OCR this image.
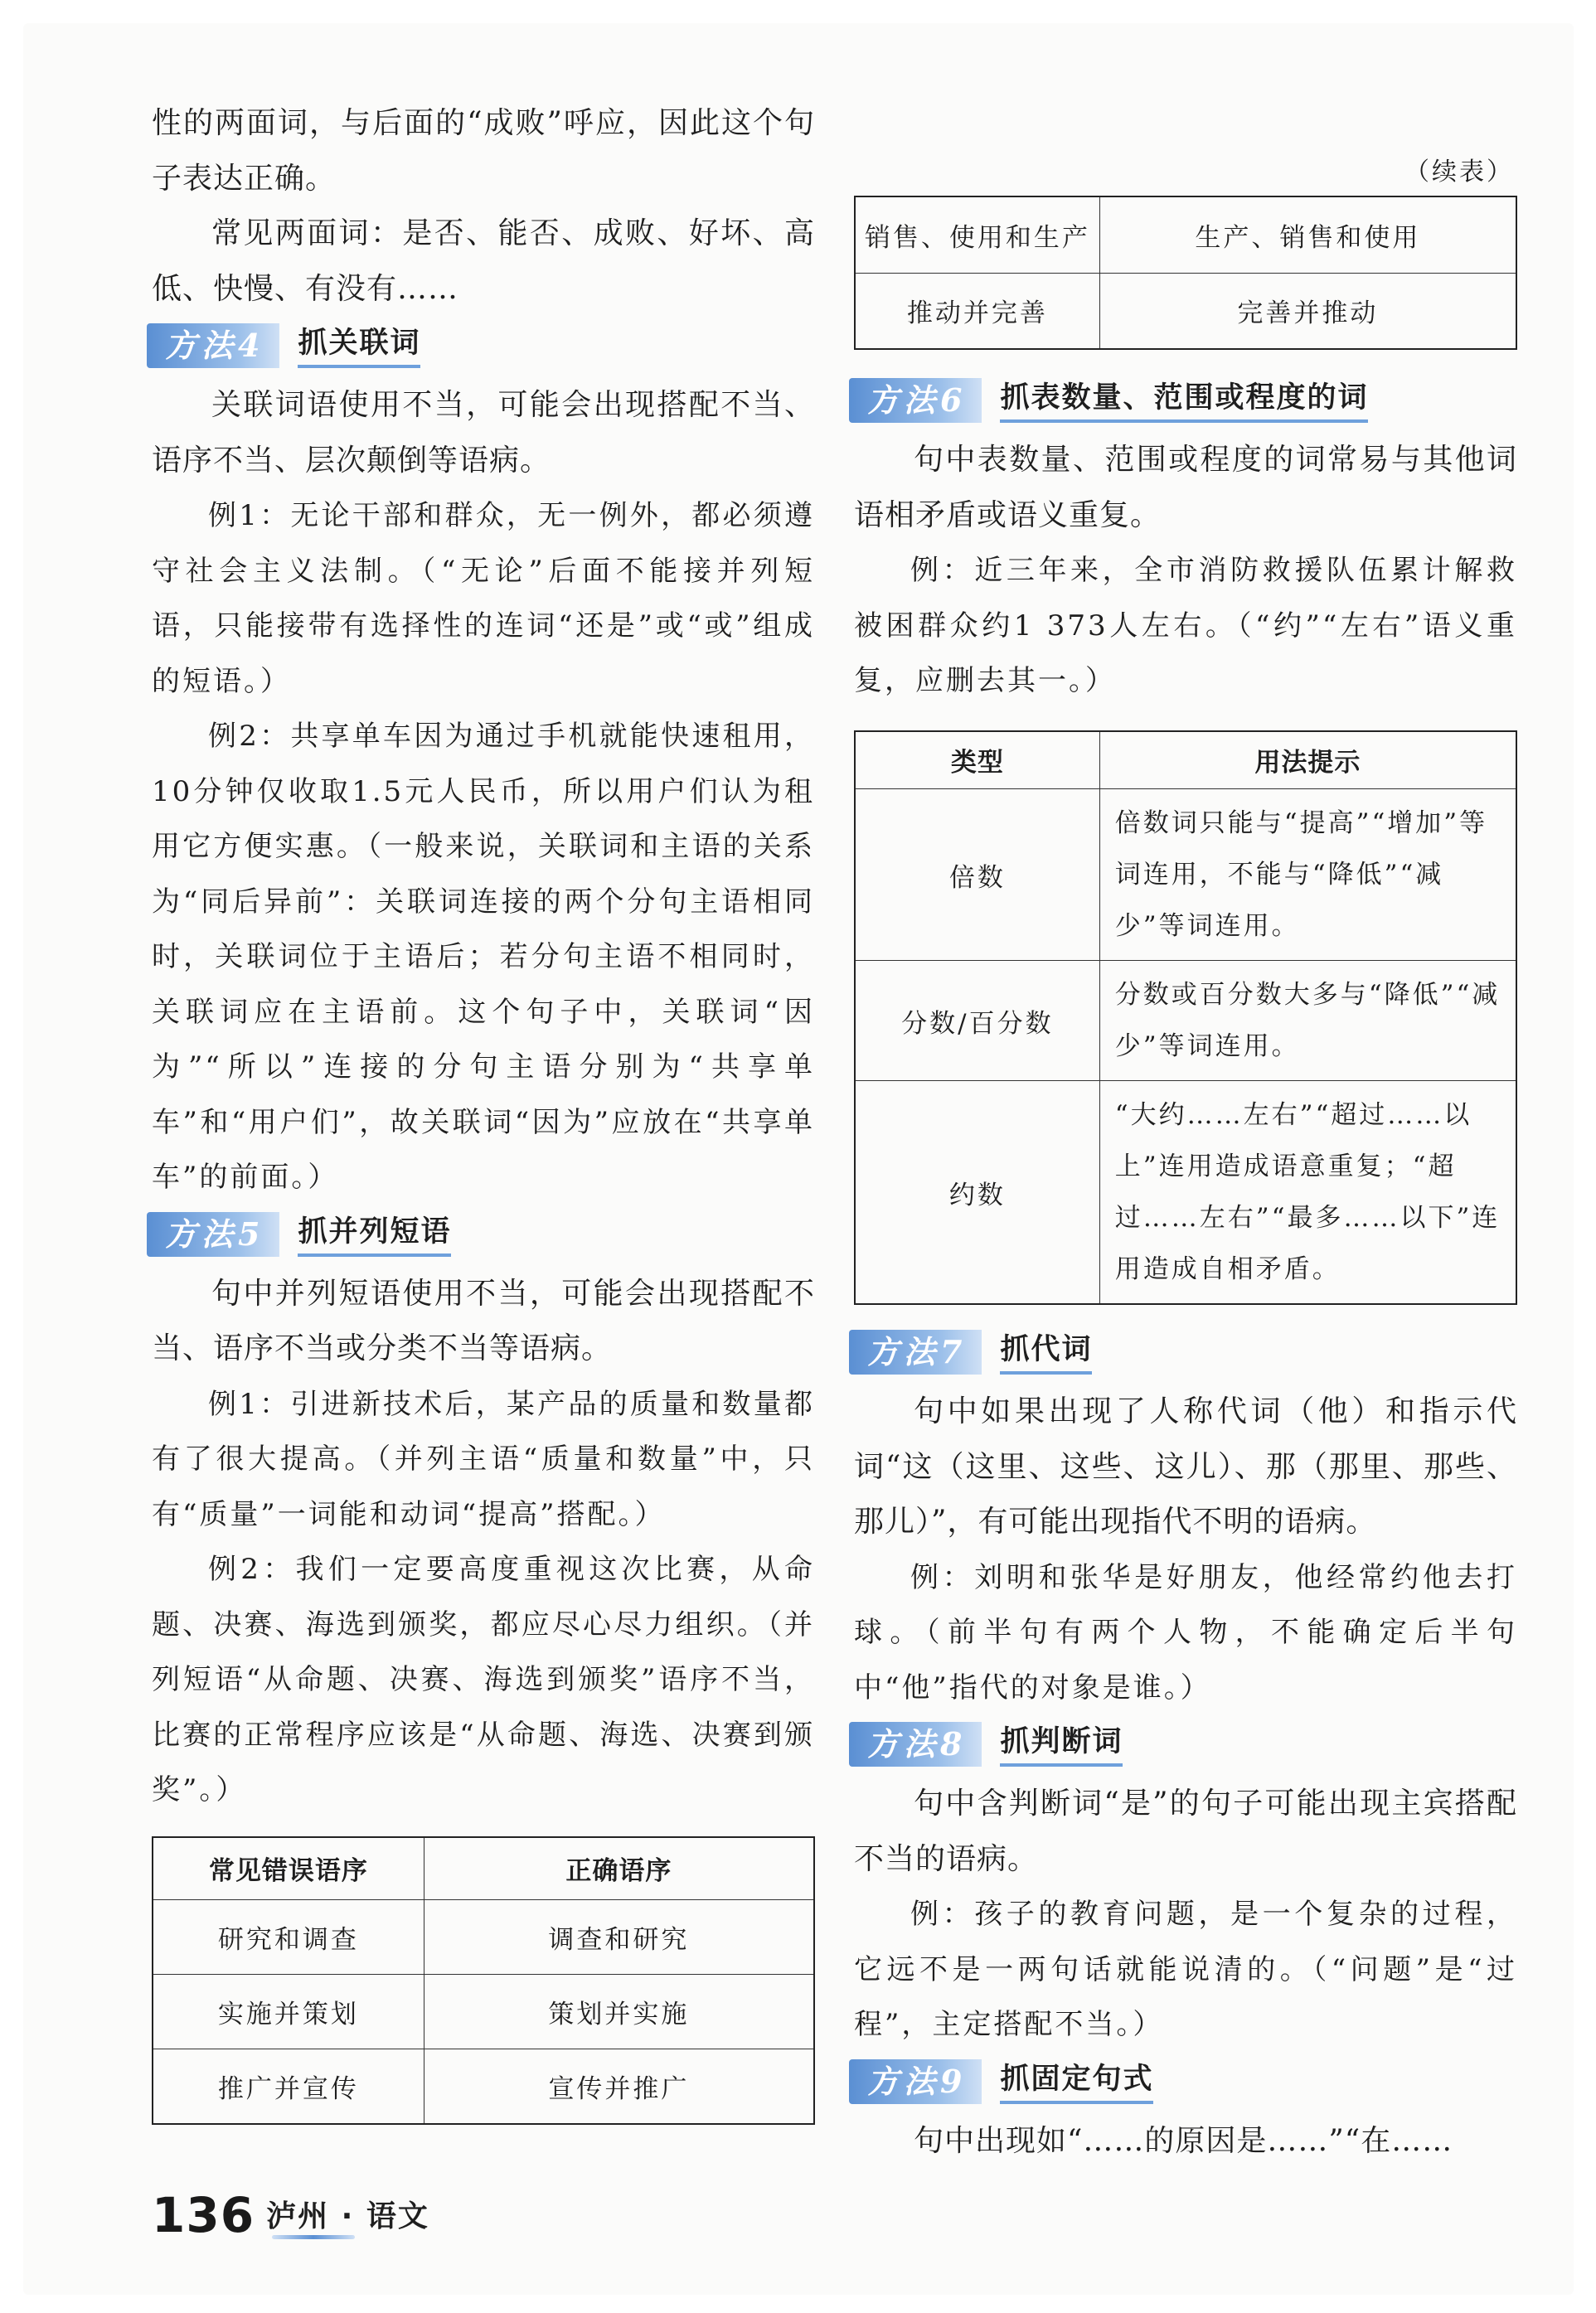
性的两面词，与后面的“成败”呼应，因此这个句子表达正确。

常见两面词：是否、能否、成败、好坏、高低、快慢、有没有……

方法4	抓关联词

关联词语使用不当，可能会出现搭配不当、语序不当、层次颠倒等语病。

例1：无论干部和群众，无一例外，都必须遵守社会主义法制。（“无论”后面不能接并列短语，只能接带有选择性的连词“还是”或“或”组成的短语。）

例2：共享单车因为通过手机就能快速租用，10分钟仅收取1.5元人民币，所以用户们认为租用它方便实惠。（一般来说，关联词和主语的关系为“同后异前”：关联词连接的两个分句主语相同时，关联词位于主语后；若分句主语不相同时，关联词应在主语前。这个句子中，关联词“因为”“所以”连接的分句主语分别为“共享单车”和“用户们”，故关联词“因为”应放在“共享单车”的前面。）

方法5	抓并列短语

句中并列短语使用不当，可能会出现搭配不当、语序不当或分类不当等语病。

例1：引进新技术后，某产品的质量和数量都有了很大提高。（并列主语“质量和数量”中，只有“质量”一词能和动词“提高”搭配。）

例2：我们一定要高度重视这次比赛，从命题、决赛、海选到颁奖，都应尽心尽力组织。（并列短语“从命题、决赛、海选到颁奖”语序不当，比赛的正常程序应该是“从命题、海选、决赛到颁奖”。）

常见错误语序	正确语序
研究和调查	调查和研究
实施并策划	策划并实施
推广并宣传	宣传并推广
（续表）
销售、使用和生产	生产、销售和使用
推动并完善	完善并推动
方法6	抓表数量、范围或程度的词

句中表数量、范围或程度的词常易与其他词语相矛盾或语义重复。

例：近三年来，全市消防救援队伍累计解救被困群众约1 373人左右。（“约”“左右”语义重复，应删去其一。）

类型	用法提示
倍数	倍数词只能与“提高”“增加”等词连用，不能与“降低”“减少”等词连用。
分数/百分数	分数或百分数大多与“降低”“减少”等词连用。
约数	“大约……左右”“超过……以上”连用造成语意重复；“超过……左右”“最多……以下”连用造成自相矛盾。
方法7	抓代词

句中如果出现了人称代词（他）和指示代词“这（这里、这些、这儿）、那（那里、那些、那儿）”，有可能出现指代不明的语病。

例：刘明和张华是好朋友，他经常约他去打球。（前半句有两个人物，不能确定后半句中“他”指代的对象是谁。）

方法8	抓判断词

句中含判断词“是”的句子可能出现主宾搭配不当的语病。

例：孩子的教育问题，是一个复杂的过程，它远不是一两句话就能说清的。（“问题”是“过程”，主定搭配不当。）

方法9	抓固定句式

句中出现如“……的原因是……”“在……

136 泸州 · 语文
